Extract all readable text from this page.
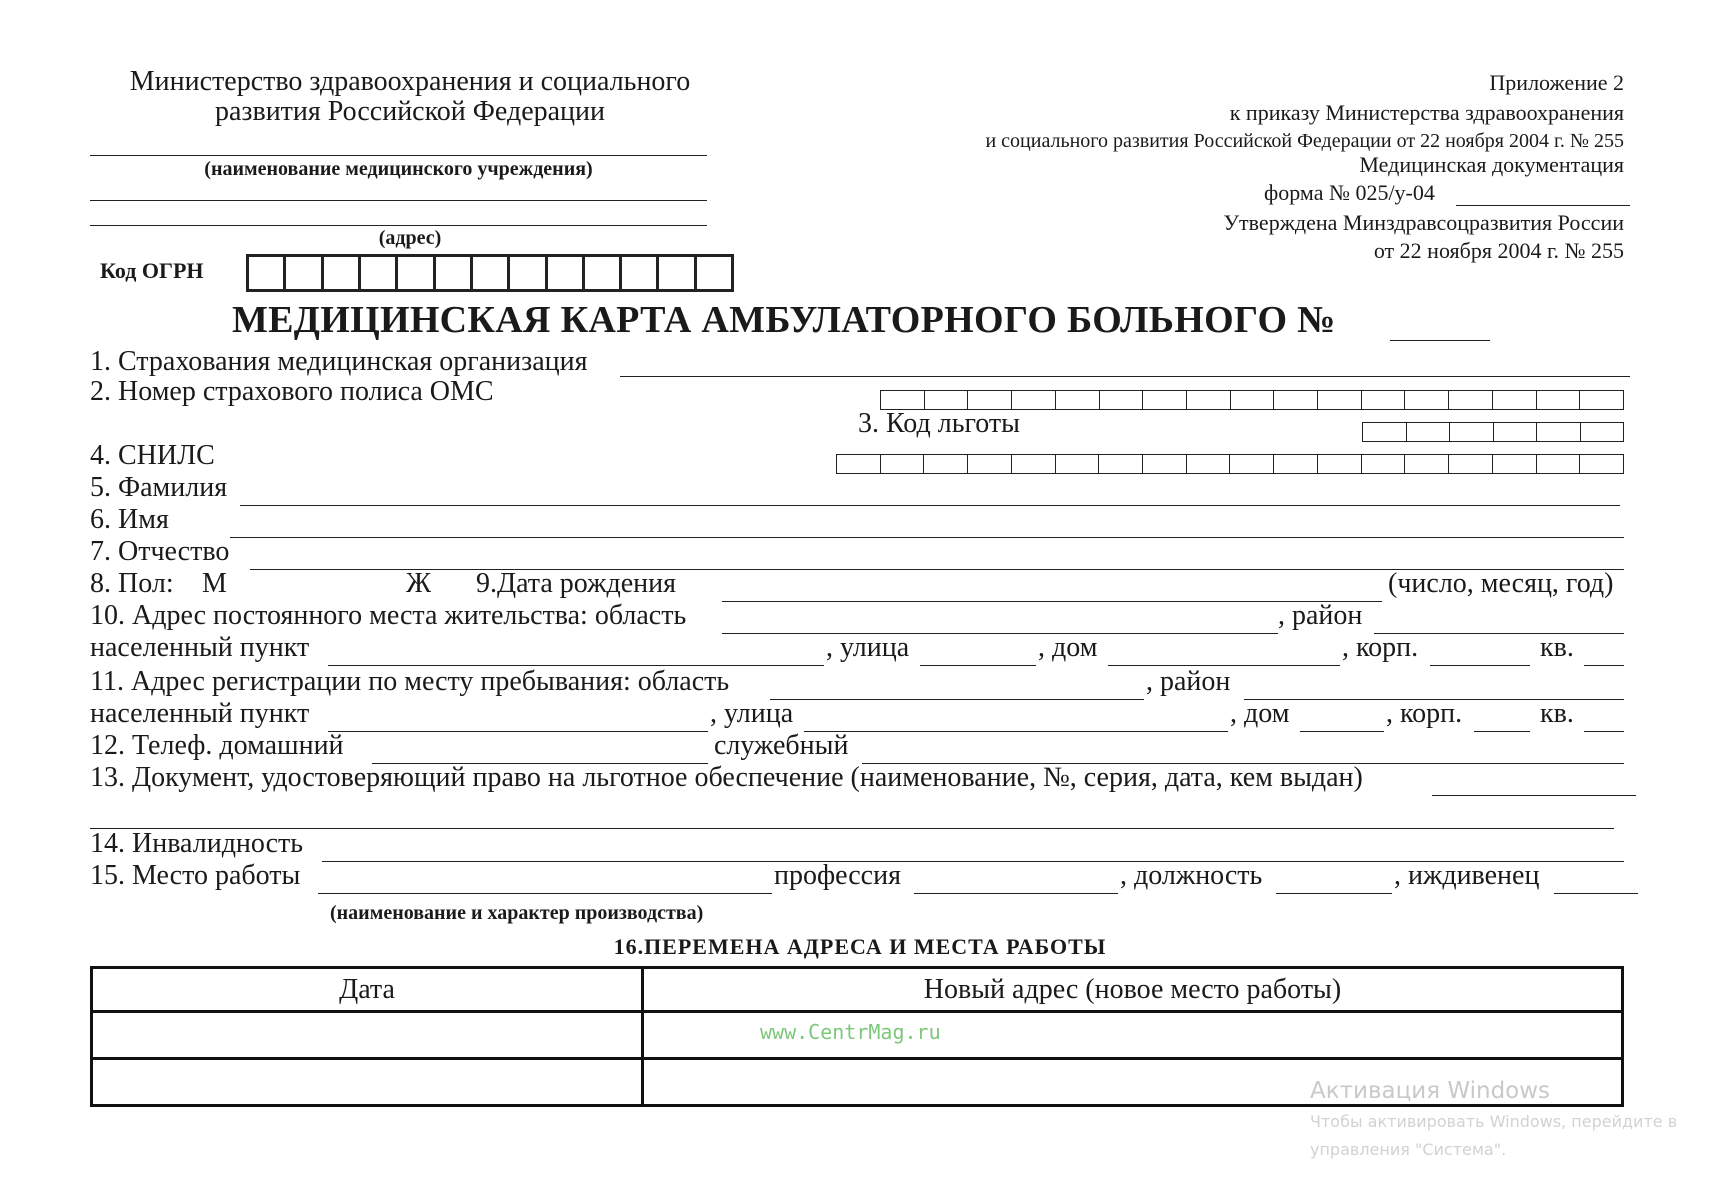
Министерство здравоохранения и социального
развития Российской Федерации
(наименование медицинского учреждения)
(адрес)
Код ОГРН
Приложение 2
к приказу Министерства здравоохранения
и социального развития Российской Федерации от 22 ноября 2004 г. № 255
Медицинская документация
форма № 025/у-04
Утверждена Минздравсоцразвития России
от 22 ноября 2004 г. № 255
МЕДИЦИНСКАЯ КАРТА АМБУЛАТОРНОГО БОЛЬНОГО №
1. Страхования медицинская организация
2. Номер страхового полиса ОМС
3. Код льготы
4. СНИЛС
5. Фамилия
6. Имя
7. Отчество
8. Пол: М	Ж 9.Дата рождения	(число, месяц, год)
10. Адрес постоянного места жительства: область	, район
населенный пункт	, улица	, дом	, корп.	кв.
11. Адрес регистрации по месту пребывания: область	, район
населенный пункт	, улица	, дом	, корп.	кв.
12. Телеф. домашний	служебный
13. Документ, удостоверяющий право на льготное обеспечение (наименование, №, серия, дата, кем выдан)
14. Инвалидность
15. Место работы	профессия	, должность	, иждивенец
(наименование и характер производства)
16.ПЕРЕМЕНА АДРЕСА И МЕСТА РАБОТЫ
Дата	Новый адрес (новое место работы)

www.CentrMag.ru
Активация Windows
Чтобы активировать Windows, перейдите в
управления "Система".
